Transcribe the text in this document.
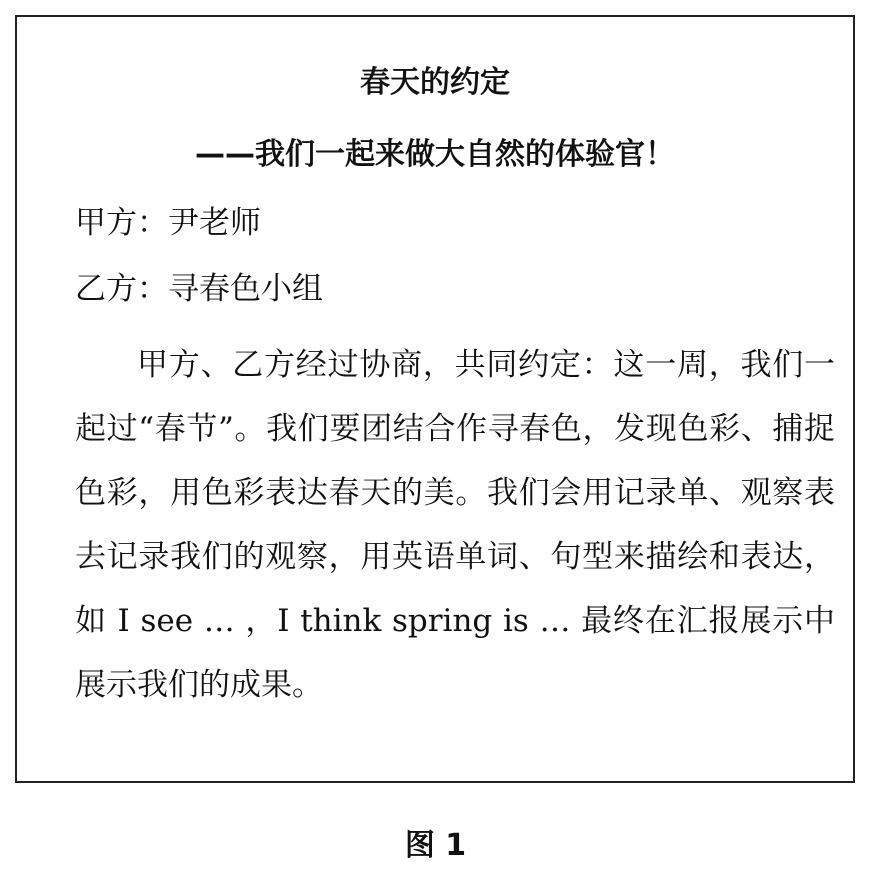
春天的约定
——我们一起来做大自然的体验官！

甲方：尹老师

乙方：寻春色小组

甲方、乙方经过协商，共同约定：这一周，我们一起过“春节”。我们要团结合作寻春色，发现色彩、捕捉色彩，用色彩表达春天的美。我们会用记录单、观察表去记录我们的观察，用英语单词、句型来描绘和表达，如 I see … ，I think spring is … 最终在汇报展示中展示我们的成果。

图 1
